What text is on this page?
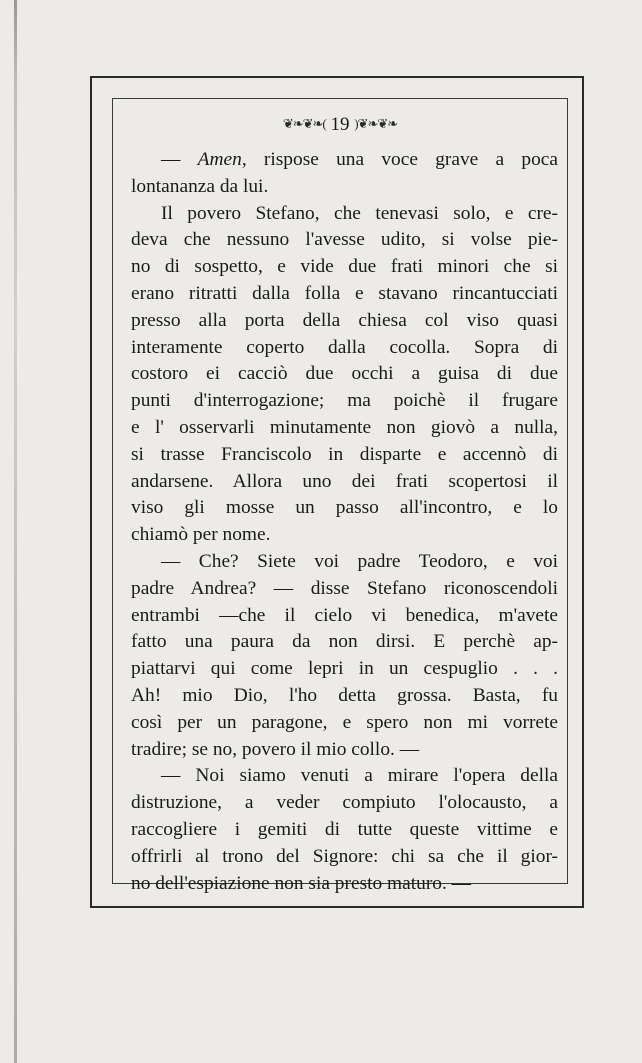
❦❧❦❧( 19 )❦❧❦❧
— Amen, rispose una voce grave a poca
lontananza da lui.
Il povero Stefano, che tenevasi solo, e cre-
deva che nessuno l'avesse udito, si volse pie-
no di sospetto, e vide due frati minori che si
erano ritratti dalla folla e stavano rincantucciati
presso alla porta della chiesa col viso quasi
interamente coperto dalla cocolla. Sopra di
costoro ei cacciò due occhi a guisa di due
punti d'interrogazione; ma poichè il frugare
e l' osservarli minutamente non giovò a nulla,
si trasse Franciscolo in disparte e accennò di
andarsene. Allora uno dei frati scopertosi il
viso gli mosse un passo all'incontro, e lo
chiamò per nome.
— Che? Siete voi padre Teodoro, e voi
padre Andrea? — disse Stefano riconoscendoli
entrambi —che il cielo vi benedica, m'avete
fatto una paura da non dirsi. E perchè ap-
piattarvi qui come lepri in un cespuglio . . .
Ah! mio Dio, l'ho detta grossa. Basta, fu
così per un paragone, e spero non mi vorrete
tradire; se no, povero il mio collo. —
— Noi siamo venuti a mirare l'opera della
distruzione, a veder compiuto l'olocausto, a
raccogliere i gemiti di tutte queste vittime e
offrirli al trono del Signore: chi sa che il gior-
no dell'espiazione non sia presto maturo. —
